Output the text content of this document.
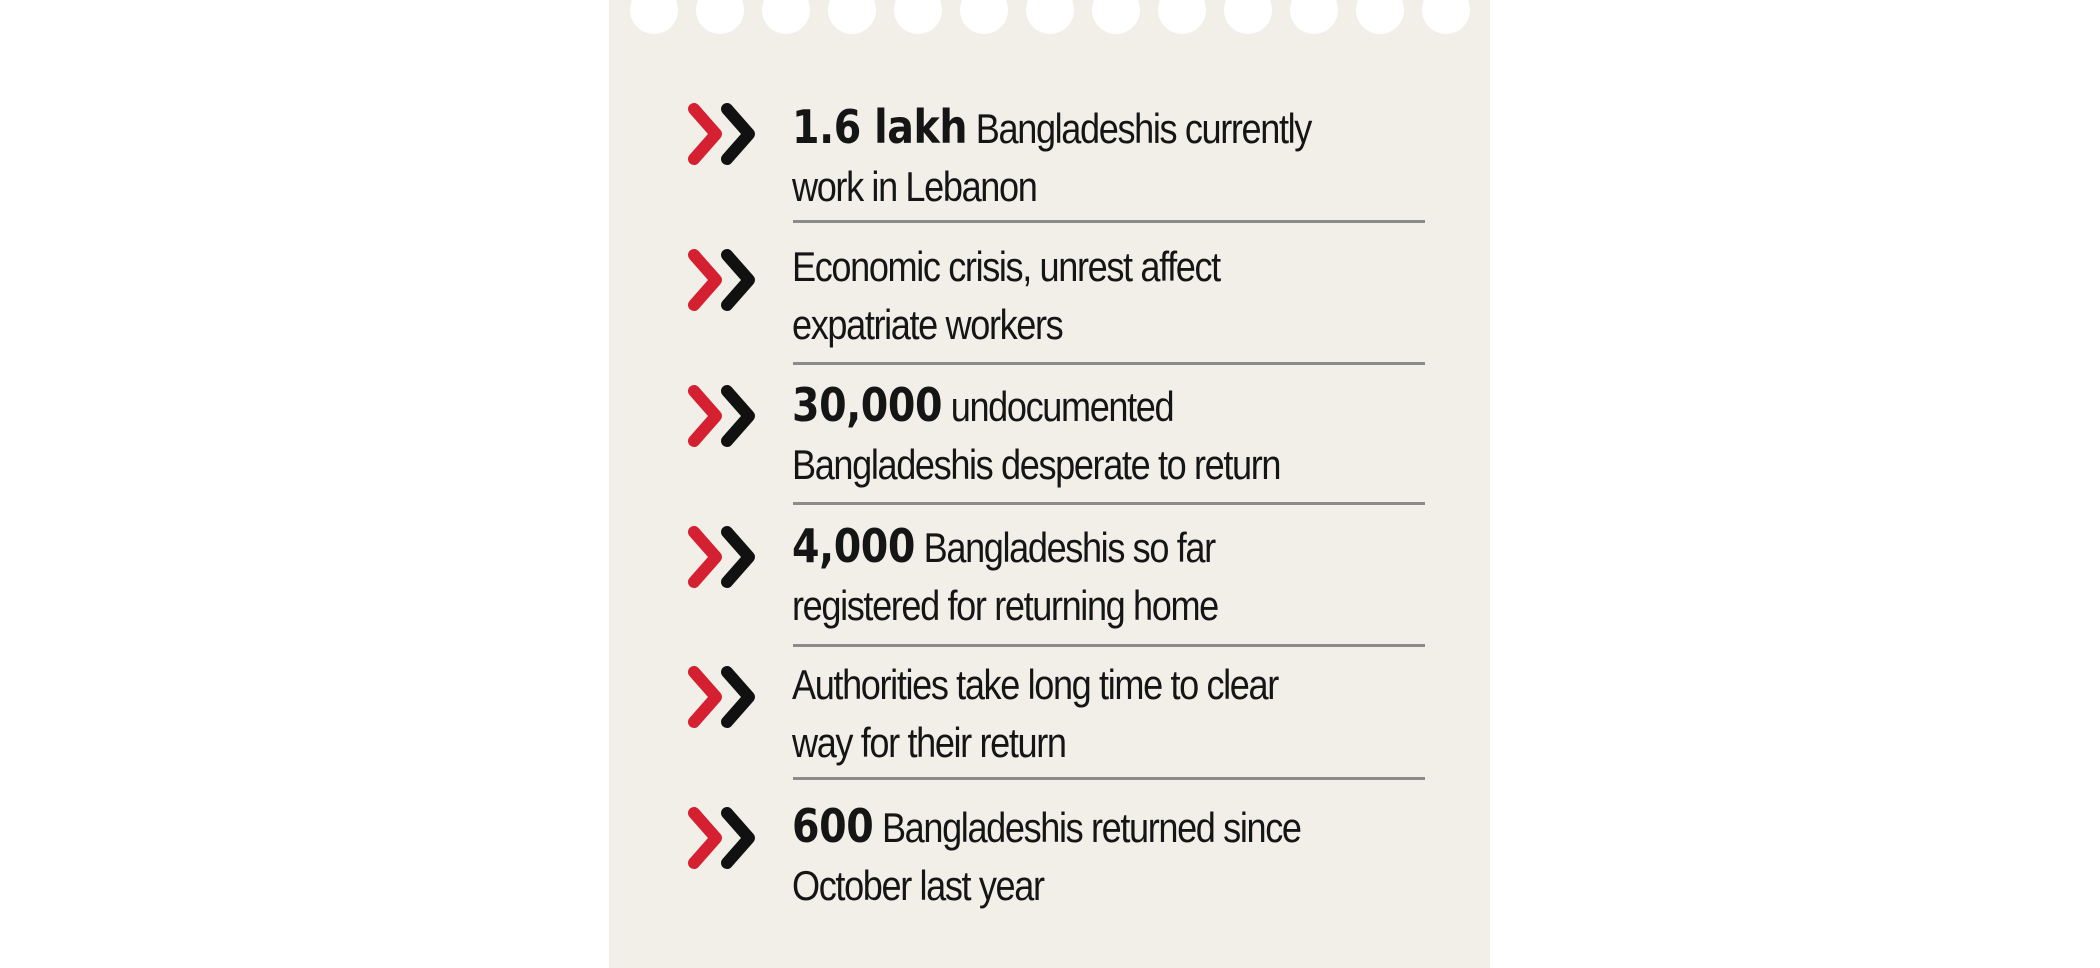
1.6 lakh Bangladeshis currently
work in Lebanon
Economic crisis, unrest affect
expatriate workers
30,000 undocumented
Bangladeshis desperate to return
4,000 Bangladeshis so far
registered for returning home
Authorities take long time to clear
way for their return
600 Bangladeshis returned since
October last year
